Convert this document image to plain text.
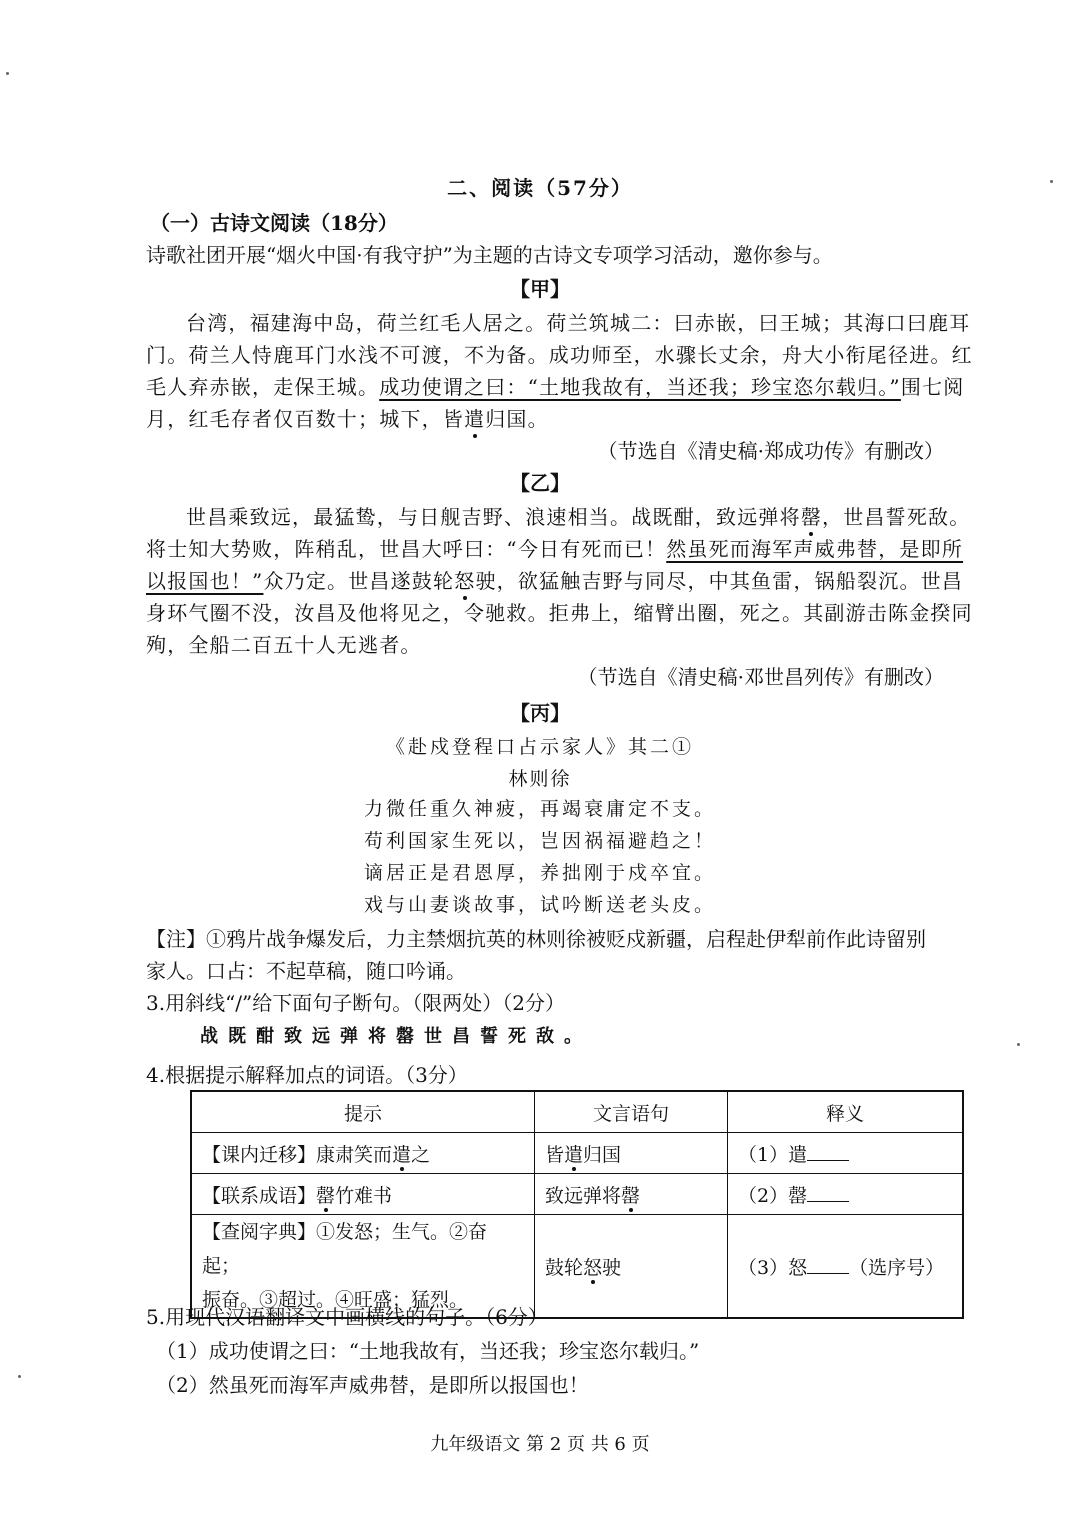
二、阅读（57分）
（一）古诗文阅读（18分）
诗歌社团开展“烟火中国·有我守护”为主题的古诗文专项学习活动，邀你参与。
【甲】
台湾，福建海中岛，荷兰红毛人居之。荷兰筑城二：曰赤嵌，曰王城；其海口曰鹿耳
门。荷兰人恃鹿耳门水浅不可渡，不为备。成功师至，水骤长丈余，舟大小衔尾径进。红
毛人弃赤嵌，走保王城。成功使谓之曰：“土地我故有，当还我；珍宝恣尔载归。”围七阅
月，红毛存者仅百数十；城下，皆遣归国。
（节选自《清史稿·郑成功传》有删改）
【乙】
世昌乘致远，最猛鸷，与日舰吉野、浪速相当。战既酣，致远弹将罄，世昌誓死敌。
将士知大势败，阵稍乱，世昌大呼曰：“今日有死而已！然虽死而海军声威弗替，是即所
以报国也！”众乃定。世昌遂鼓轮怒驶，欲猛触吉野与同尽，中其鱼雷，锅船裂沉。世昌
身环气圈不没，汝昌及他将见之，令驰救。拒弗上，缩臂出圈，死之。其副游击陈金揆同
殉，全船二百五十人无逃者。
（节选自《清史稿·邓世昌列传》有删改）
【丙】
《赴戍登程口占示家人》其二①
林则徐
力微任重久神疲，再竭衰庸定不支。
苟利国家生死以，岂因祸福避趋之！
谪居正是君恩厚，养拙刚于戍卒宜。
戏与山妻谈故事，试吟断送老头皮。
【注】①鸦片战争爆发后，力主禁烟抗英的林则徐被贬戍新疆，启程赴伊犁前作此诗留别
家人。口占：不起草稿，随口吟诵。
3.用斜线“/”给下面句子断句。（限两处）（2分）
战既酣致远弹将罄世昌誓死敌。
4.根据提示解释加点的词语。（3分）
提示	文言语句	释义
【课内迁移】康肃笑而遣之	皆遣归国	（1）遣
【联系成语】罄竹难书	致远弹将罄	（2）罄

【查阅字典】①发怒；生气。②奋起；
振奋。③超过。④旺盛；猛烈。	鼓轮怒驶	（3）怒 （选序号）
5.用现代汉语翻译文中画横线的句子。（6分）
（1）成功使谓之曰：“土地我故有，当还我；珍宝恣尔载归。”
（2）然虽死而海军声威弗替，是即所以报国也！
九年级语文 第 2 页 共 6 页
